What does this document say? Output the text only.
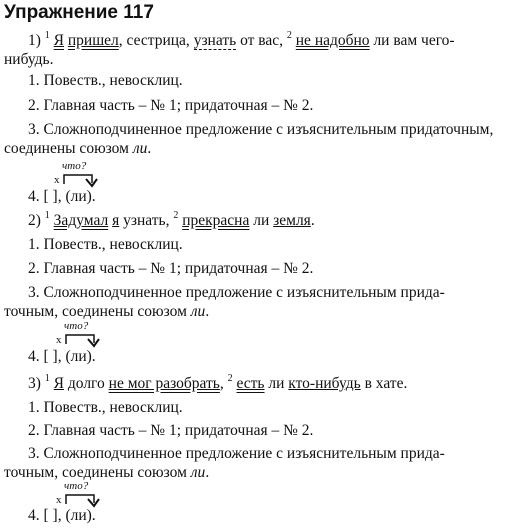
Упражнение 117
1) $^1$ Я пришел, сестрица, узнать от вас, $^2$ не надобно ли вам чего-
нибудь.
1. Повеств., невосклиц.
2. Главная часть – № 1; придаточная – № 2.
3. Сложноподчиненное предложение с изъяснительным придаточным,
соединены союзом ли.
что?
x
4. [ ], (ли).
2) $^1$ Задумал я узнать, $^2$ прекрасна ли земля.
1. Повеств., невосклиц.
2. Главная часть – № 1; придаточная – № 2.
3. Сложноподчиненное предложение с изъяснительным прида-
точным, соединены союзом ли.
что?
x
4. [ ], (ли).
3) $^1$ Я долго не мог разобрать, $^2$ есть ли кто-нибудь в хате.
1. Повеств., невосклиц.
2. Главная часть – № 1; придаточная – № 2.
3. Сложноподчиненное предложение с изъяснительным прида-
точным, соединены союзом ли.
что?
x
4. [ ], (ли).
